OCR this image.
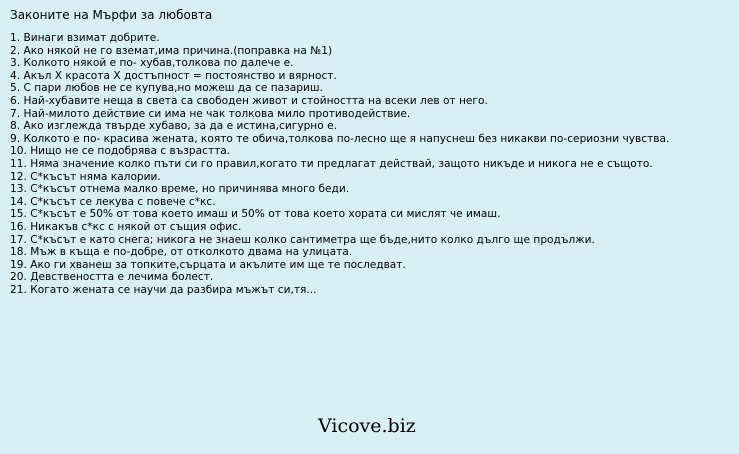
Законите на Мърфи за любовта
1. Винаги взимат добрите.
2. Ако някой не го вземат,има причина.(поправка на №1)
3. Колкото някой е по- хубав,толкова по далече е.
4. Акъл X красота X достъпност = постоянство и вярност.
5. С пари любов не се купува,но можеш да се пазариш.
6. Най-хубавите неща в света са свободен живот и стойността на всеки лев от него.
7. Най-милото действие си има не чак толкова мило противодействие.
8. Ако изглежда твърде хубаво, за да е истина,сигурно е.
9. Колкото е по- красива жената, която те обича,толкова по-лесно ще я напуснеш без никакви по-сериозни чувства.
10. Нищо не се подобрява с възрастта.
11. Няма значение колко пъти си го правил,когато ти предлагат действай, защото никъде и никога не е същото.
12. С*късът няма калории.
13. С*късът отнема малко време, но причинява много беди.
14. С*късът се лекува с повече с*кс.
15. С*късът е 50% от това което имаш и 50% от това което хората си мислят че имаш.
16. Никакъв с*кс с някой от същия офис.
17. С*късът е като снега; никога не знаеш колко сантиметра ще бъде,нито колко дълго ще продължи.
18. Мъж в къща е по-добре, от отколкото двама на улицата.
19. Ако ги хванеш за топките,сърцата и акълите им ще те последват.
20. Девствеността е лечима болест.
21. Когато жената се научи да разбира мъжът си,тя...
Vicove.biz
